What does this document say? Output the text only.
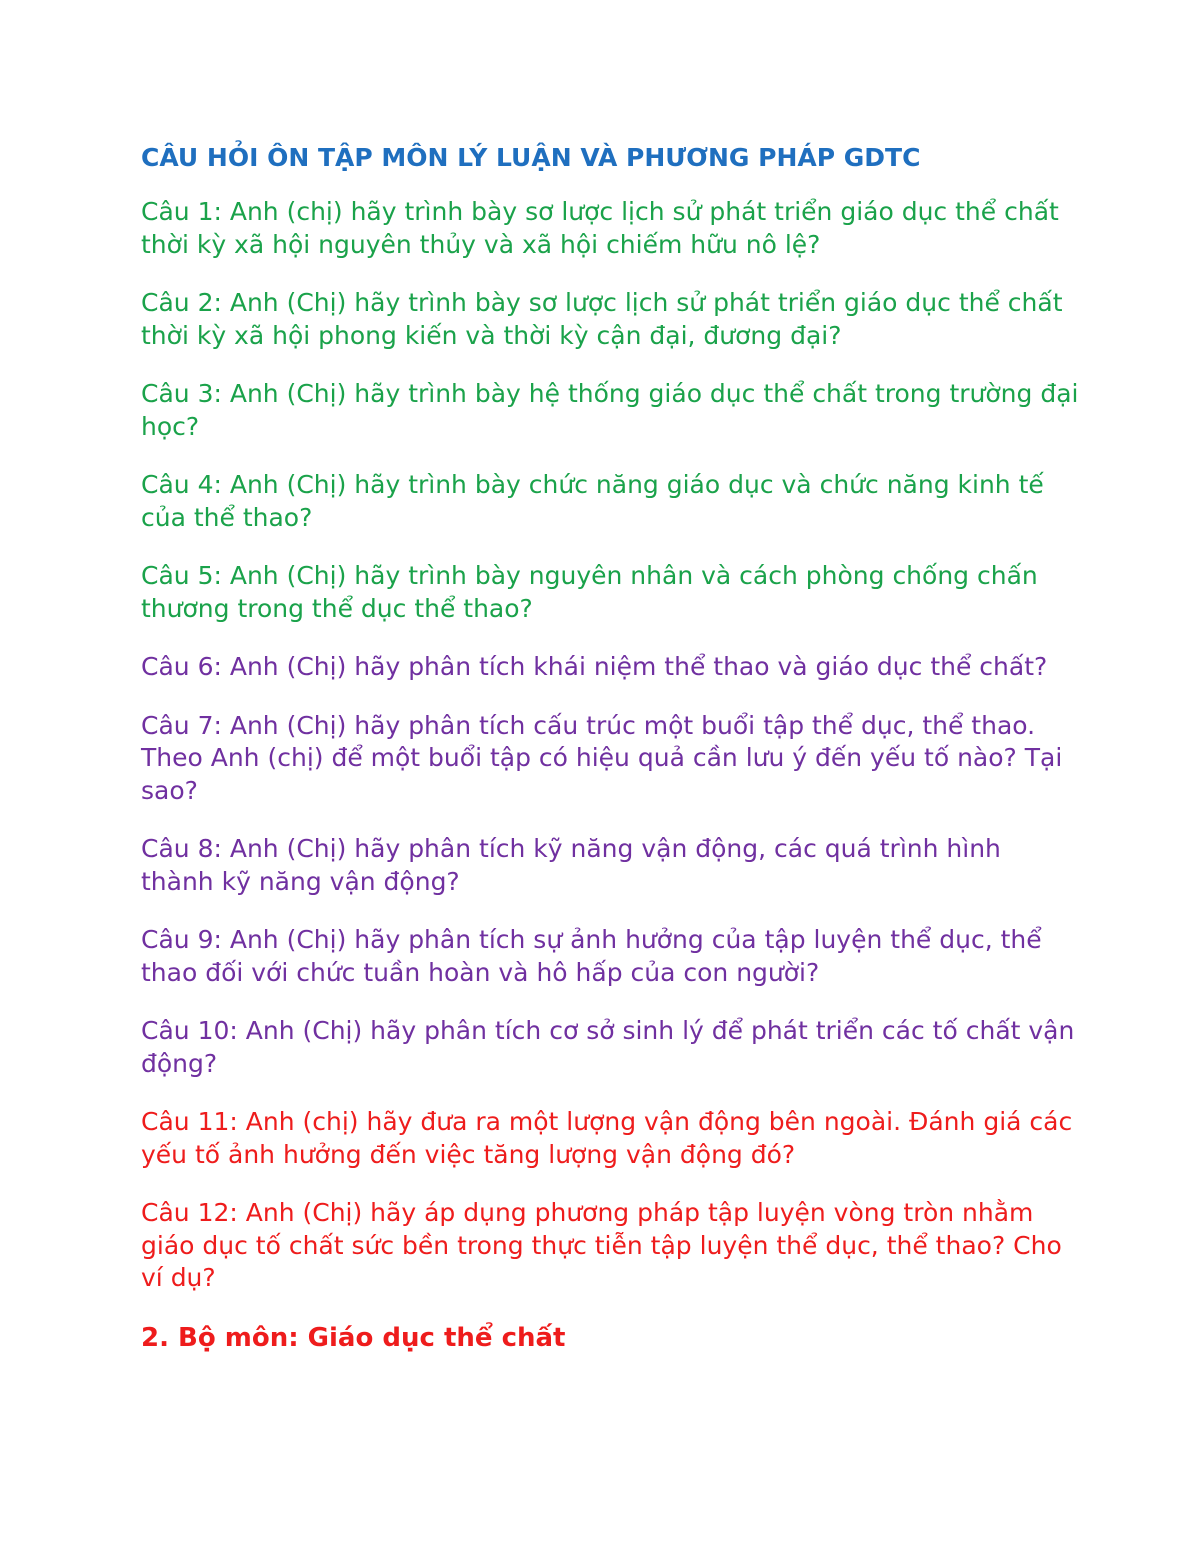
CÂU HỎI ÔN TẬP MÔN LÝ LUẬN VÀ PHƯƠNG PHÁP GDTC
Câu 1: Anh (chị) hãy trình bày sơ lược lịch sử phát triển giáo dục thể chất thời kỳ xã hội nguyên thủy và xã hội chiếm hữu nô lệ?
Câu 2: Anh (Chị) hãy trình bày sơ lược lịch sử phát triển giáo dục thể chất thời kỳ xã hội phong kiến và thời kỳ cận đại, đương đại?
Câu 3: Anh (Chị) hãy trình bày hệ thống giáo dục thể chất trong trường đại học?
Câu 4: Anh (Chị) hãy trình bày chức năng giáo dục và chức năng kinh tế của thể thao?
Câu 5: Anh (Chị) hãy trình bày nguyên nhân và cách phòng chống chấn thương trong thể dục thể thao?
Câu 6: Anh (Chị) hãy phân tích khái niệm thể thao và giáo dục thể chất?
Câu 7: Anh (Chị) hãy phân tích cấu trúc một buổi tập thể dục, thể thao. Theo Anh (chị) để một buổi tập có hiệu quả cần lưu ý đến yếu tố nào? Tại sao?
Câu 8: Anh (Chị) hãy phân tích kỹ năng vận động, các quá trình hình thành kỹ năng vận động?
Câu 9: Anh (Chị) hãy phân tích sự ảnh hưởng của tập luyện thể dục, thể thao đối với chức tuần hoàn và hô hấp của con người?
Câu 10: Anh (Chị) hãy phân tích cơ sở sinh lý để phát triển các tố chất vận động?
Câu 11: Anh (chị) hãy đưa ra một lượng vận động bên ngoài. Đánh giá các yếu tố ảnh hưởng đến việc tăng lượng vận động đó?
Câu 12: Anh (Chị) hãy áp dụng phương pháp tập luyện vòng tròn nhằm giáo dục tố chất sức bền trong thực tiễn tập luyện thể dục, thể thao? Cho ví dụ?
2. Bộ môn: Giáo dục thể chất
